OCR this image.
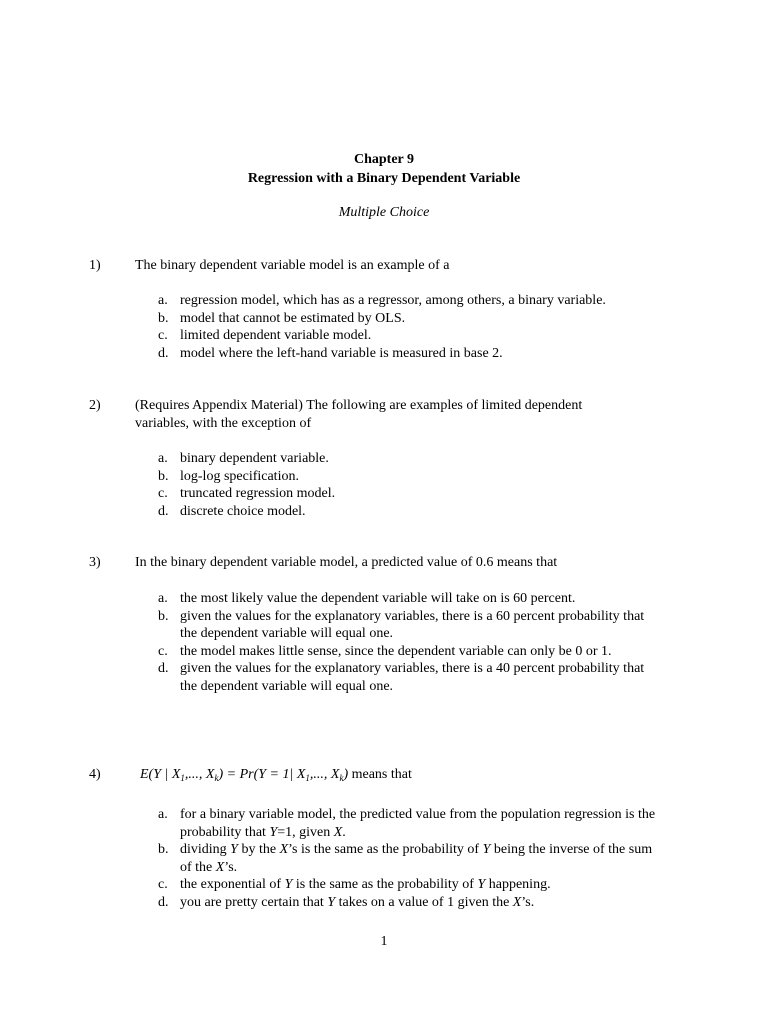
Chapter 9
Regression with a Binary Dependent Variable
Multiple Choice
1) The binary dependent variable model is an example of a
a. regression model, which has as a regressor, among others, a binary variable.
b. model that cannot be estimated by OLS.
c. limited dependent variable model.
d. model where the left-hand variable is measured in base 2.
2) (Requires Appendix Material) The following are examples of limited dependent variables, with the exception of
a. binary dependent variable.
b. log-log specification.
c. truncated regression model.
d. discrete choice model.
3) In the binary dependent variable model, a predicted value of 0.6 means that
a. the most likely value the dependent variable will take on is 60 percent.
b. given the values for the explanatory variables, there is a 60 percent probability that the dependent variable will equal one.
c. the model makes little sense, since the dependent variable can only be 0 or 1.
d. given the values for the explanatory variables, there is a 40 percent probability that the dependent variable will equal one.
4)	E(Y | $X_1$,..., $X_k) = Pr(Y = 1|$ $X_1$,..., $X_k$) means that
a. for a binary variable model, the predicted value from the population regression is the probability that Y=1, given X.
b. dividing Y by the X’s is the same as the probability of Y being the inverse of the sum of the X’s.
c. the exponential of Y is the same as the probability of Y happening.
d. you are pretty certain that Y takes on a value of 1 given the X’s.
1
